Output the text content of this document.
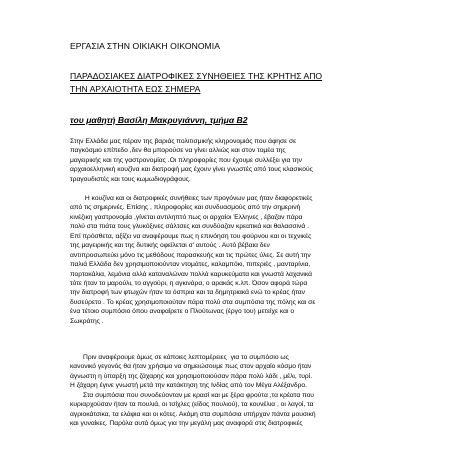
ΕΡΓΑΣΙΑ ΣΤΗΝ ΟΙΚΙΑΚΗ ΟΙΚΟΝΟΜΙΑ
ΠΑΡΑΔΟΣΙΑΚΕΣ ΔΙΑΤΡΟΦΙΚΕΣ ΣΥΝΗΘΕΙΕΣ ΤΗΣ ΚΡΗΤΗΣ ΑΠΟ
ΤΗΝ ΑΡΧΑΙΟΤΗΤΑ ΕΩΣ ΣΗΜΕΡΑ
του μαθητή Βασίλη Μακρυγιάννη, τμήμα Β2

Στην Ελλάδα μας πέραν της βαριάς πολιτισμικής κληρονομιάς που άφησε σε
παγκόσμιο επίπεδο ,δεν θα μπορούσε να γίνει αλλιώς και στον τομέα της
μαγειρικής και της γαστρονομίας .Οι πληροφορίες που έχουμε συλλέξει για την
αρχαιοελληνική κουζίνα και διατροφή μας έχουν γίνει γνωστές από τους κλασικούς
τραγουδιστές και τους κωμωδιογράφους.

Η κουζίνα και οι διατροφικές συνήθειες των προγόνων μας ήταν διαφορετικές
από τις σημερινές. Επίσης , πληροφορίες και συνδυασμούς από την σημερινή
κινέζικη γαστρονομία ,γίνεται αντιληπτό πως οι αρχαίοι Έλληνες , έβαζαν πάρα
πολύ στα πιάτα τους γλυκόξινες σάλτσες και συνδύαζαν κρεατικά και θαλασσινά .
Επί πρόσθετα, αξίζει να αναφέρουμε πως η επινόηση του φούρνου και οι τεχνικές
της μαγειρικής και της δυτικής οφείλεται σ' αυτούς . Αυτό βέβαια δεν
αντιπροσωπεύει μόνο τις μεθόδους παρασκευής και τις πρώτες ύλες. Σε αυτή την
παλιά Ελλάδα δεν χρησιμοποιούνταν ντομάτες, καλαμπόκι, πιπεριές , μανταρίνια,
πορτοκάλια, λεμόνια αλλά καταναλώναν πολλά καρυκεύματα και γνωστά λαχανικά
τότε ήταν το μαρούλι, το αγγούρι, η αγκινάρα, ο αρακάς κ.λπ. Όσον αφορά τώρα
την διατροφή των φτωχών ήταν τα όσπρια και τα δημητριακά ενώ το κρέας ήταν
δυσεύρετο . Το κρέας χρησιμοποιούταν πάρα πολύ στα συμπόσια της πόλης και σε
ένα τέτοιο συμπόσιο όπου αναφαίρετε ο Πλούτωνας (έργο του) μετείχε και ο
Σωκράτης .

Πριν αναφέρουμε όμως σε κάποιες λεπτομέρειες  για το συμπόσιο ως
κανονικό γεγονός θα ήταν χρήσιμο να σημειώσουμε πως στον αρχαίο κόσμο ήταν
άγνωστη η ύπαρξη της ζάχαρης και χρησιμοποιούσαν πάρα πολύ λάδι , μέλι, τυρί.
Η ζάχαρη έγινε γνωστή μετά την κατάκτηση της Ινδίας από τον Μέγα Αλέξανδρο.

Στα συμπόσια που συνοδεύονταν με κρασί και με ξέρα φρούτα ,τα κρέατα που
κυριαρχούσαν ήταν τα πουλιά, οι τσίχλες (είδος πουλιού), τα κουνέλια , οι λαγοί, τα
αγριοκάτσικα, τα ελάφια και οι κότες. Ακόμη στα συμπόσια υπήρχαν πάντα μουσική
και γυναίκες. Παρόλα αυτά όμως για την μεγάλη μας αναφορά στις διατροφικές
